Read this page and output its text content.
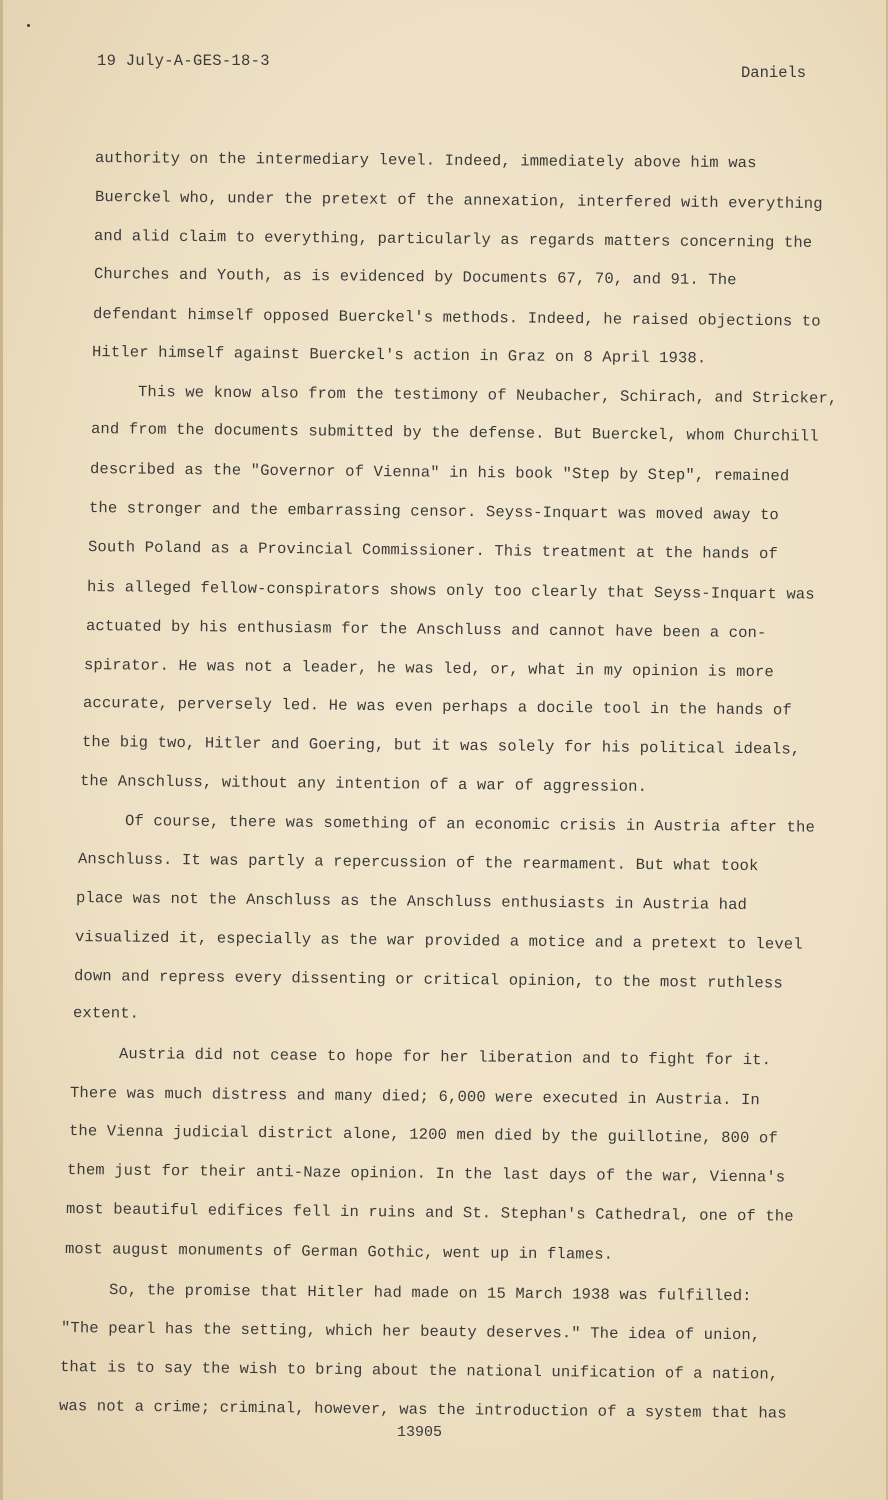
19 July-A-GES-18-3
Daniels
authority on the intermediary level. Indeed, immediately above him was
Buerckel who, under the pretext of the annexation, interfered with everything
and alid claim to everything, particularly as regards matters concerning the
Churches and Youth, as is evidenced by Documents 67, 70, and 91. The
defendant himself opposed Buerckel's methods. Indeed, he raised objections to
Hitler himself against Buerckel's action in Graz on 8 April 1938.
This we know also from the testimony of Neubacher, Schirach, and Stricker,
and from the documents submitted by the defense. But Buerckel, whom Churchill
described as the "Governor of Vienna" in his book "Step by Step", remained
the stronger and the embarrassing censor. Seyss-Inquart was moved away to
South Poland as a Provincial Commissioner. This treatment at the hands of
his alleged fellow-conspirators shows only too clearly that Seyss-Inquart was
actuated by his enthusiasm for the Anschluss and cannot have been a con-
spirator. He was not a leader, he was led, or, what in my opinion is more
accurate, perversely led. He was even perhaps a docile tool in the hands of
the big two, Hitler and Goering, but it was solely for his political ideals,
the Anschluss, without any intention of a war of aggression.
Of course, there was something of an economic crisis in Austria after the
Anschluss. It was partly a repercussion of the rearmament. But what took
place was not the Anschluss as the Anschluss enthusiasts in Austria had
visualized it, especially as the war provided a motice and a pretext to level
down and repress every dissenting or critical opinion, to the most ruthless
extent.
Austria did not cease to hope for her liberation and to fight for it.
There was much distress and many died; 6,000 were executed in Austria. In
the Vienna judicial district alone, 1200 men died by the guillotine, 800 of
them just for their anti-Naze opinion. In the last days of the war, Vienna's
most beautiful edifices fell in ruins and St. Stephan's Cathedral, one of the
most august monuments of German Gothic, went up in flames.
So, the promise that Hitler had made on 15 March 1938 was fulfilled:
"The pearl has the setting, which her beauty deserves." The idea of union,
that is to say the wish to bring about the national unification of a nation,
was not a crime; criminal, however, was the introduction of a system that has
13905
